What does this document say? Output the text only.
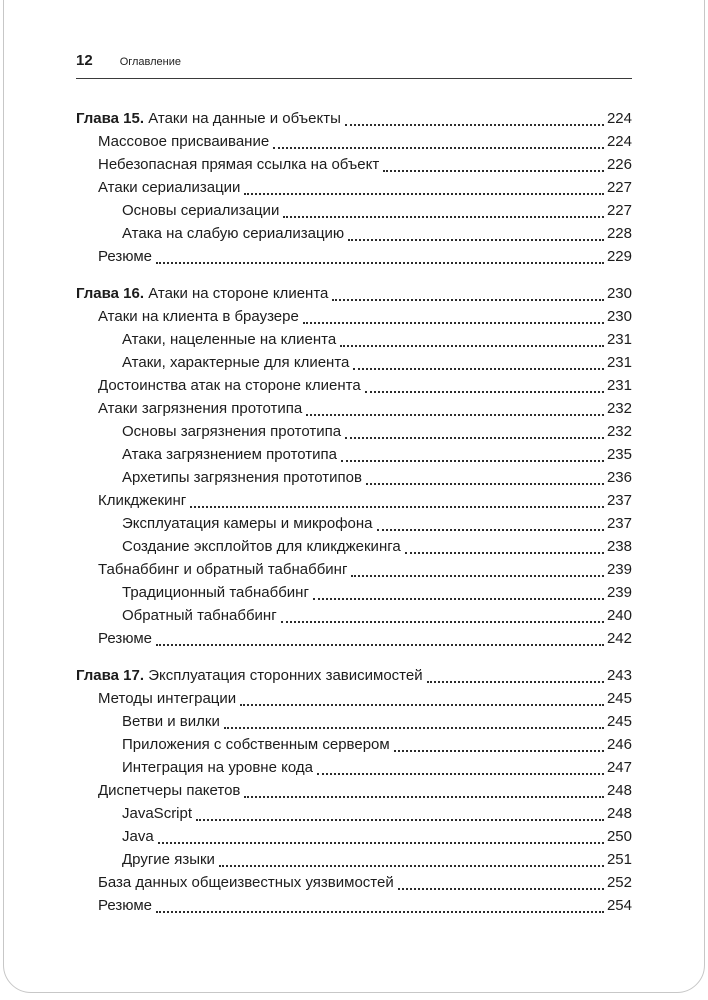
12 Оглавление
Глава 15. Атаки на данные и объекты	224
Массовое присваивание	224
Небезопасная прямая ссылка на объект	226
Атаки сериализации	227
Основы сериализации	227
Атака на слабую сериализацию	228
Резюме	229
Глава 16. Атаки на стороне клиента	230
Атаки на клиента в браузере	230
Атаки, нацеленные на клиента	231
Атаки, характерные для клиента	231
Достоинства атак на стороне клиента	231
Атаки загрязнения прототипа	232
Основы загрязнения прототипа	232
Атака загрязнением прототипа	235
Архетипы загрязнения прототипов	236
Кликджекинг	237
Эксплуатация камеры и микрофона	237
Создание эксплойтов для кликджекинга	238
Табнаббинг и обратный табнаббинг	239
Традиционный табнаббинг	239
Обратный табнаббинг	240
Резюме	242
Глава 17. Эксплуатация сторонних зависимостей	243
Методы интеграции	245
Ветви и вилки	245
Приложения с собственным сервером	246
Интеграция на уровне кода	247
Диспетчеры пакетов	248
JavaScript	248
Java	250
Другие языки	251
База данных общеизвестных уязвимостей	252
Резюме	254
